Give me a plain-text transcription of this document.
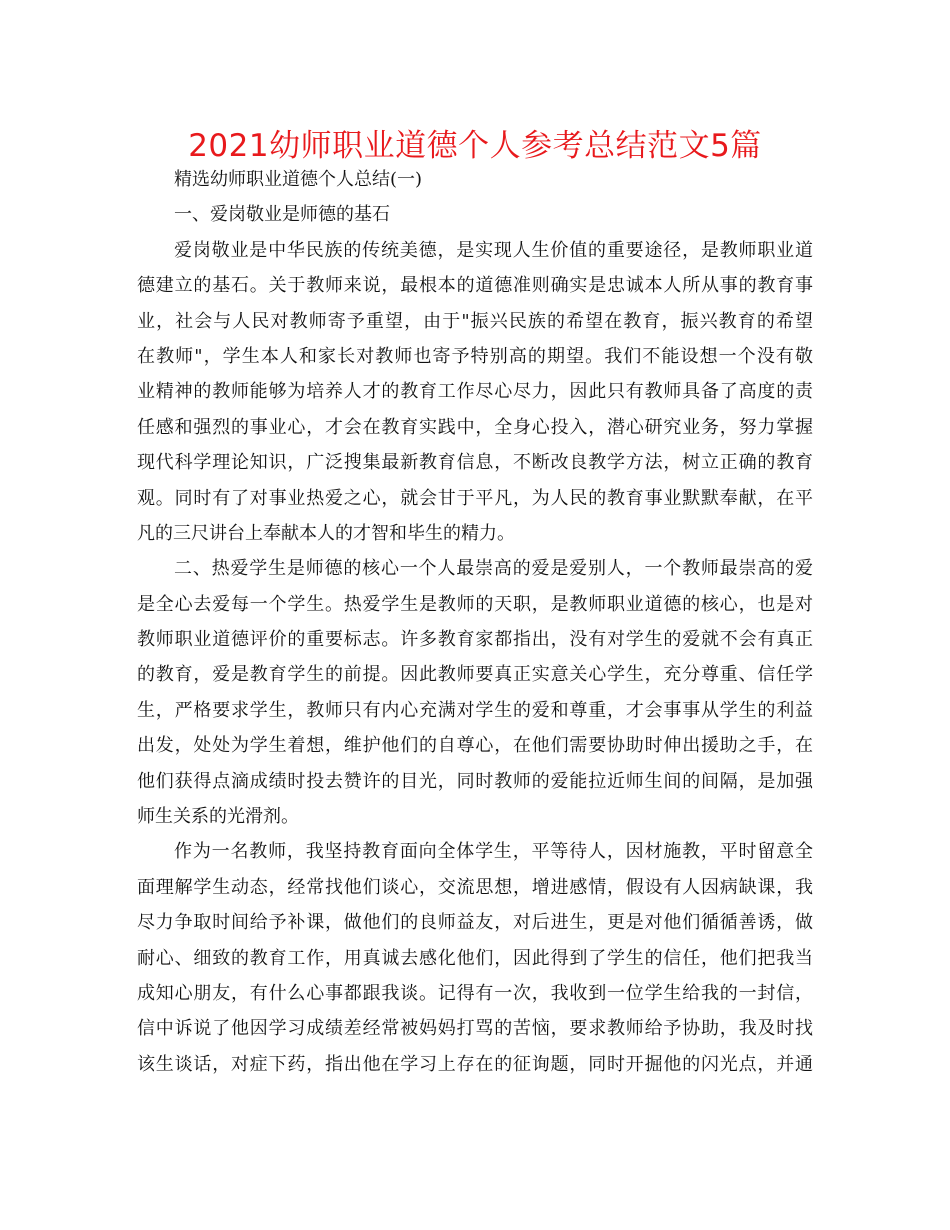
2021幼师职业道德个人参考总结范文5篇
精选幼师职业道德个人总结(一)
一、爱岗敬业是师德的基石
爱岗敬业是中华民族的传统美德，是实现人生价值的重要途径，是教师职业道
德建立的基石。关于教师来说，最根本的道德准则确实是忠诚本人所从事的教育事
业，社会与人民对教师寄予重望，由于"振兴民族的希望在教育，振兴教育的希望
在教师"，学生本人和家长对教师也寄予特别高的期望。我们不能设想一个没有敬
业精神的教师能够为培养人才的教育工作尽心尽力，因此只有教师具备了高度的责
任感和强烈的事业心，才会在教育实践中，全身心投入，潜心研究业务，努力掌握
现代科学理论知识，广泛搜集最新教育信息，不断改良教学方法，树立正确的教育
观。同时有了对事业热爱之心，就会甘于平凡，为人民的教育事业默默奉献，在平
凡的三尺讲台上奉献本人的才智和毕生的精力。
二、热爱学生是师德的核心一个人最崇高的爱是爱别人，一个教师最崇高的爱
是全心去爱每一个学生。热爱学生是教师的天职，是教师职业道德的核心，也是对
教师职业道德评价的重要标志。许多教育家都指出，没有对学生的爱就不会有真正
的教育，爱是教育学生的前提。因此教师要真正实意关心学生，充分尊重、信任学
生，严格要求学生，教师只有内心充满对学生的爱和尊重，才会事事从学生的利益
出发，处处为学生着想，维护他们的自尊心，在他们需要协助时伸出援助之手，在
他们获得点滴成绩时投去赞许的目光，同时教师的爱能拉近师生间的间隔，是加强
师生关系的光滑剂。
作为一名教师，我坚持教育面向全体学生，平等待人，因材施教，平时留意全
面理解学生动态，经常找他们谈心，交流思想，增进感情，假设有人因病缺课，我
尽力争取时间给予补课，做他们的良师益友，对后进生，更是对他们循循善诱，做
耐心、细致的教育工作，用真诚去感化他们，因此得到了学生的信任，他们把我当
成知心朋友，有什么心事都跟我谈。记得有一次，我收到一位学生给我的一封信，
信中诉说了他因学习成绩差经常被妈妈打骂的苦恼，要求教师给予协助，我及时找
该生谈话，对症下药，指出他在学习上存在的征询题，同时开掘他的闪光点，并通
